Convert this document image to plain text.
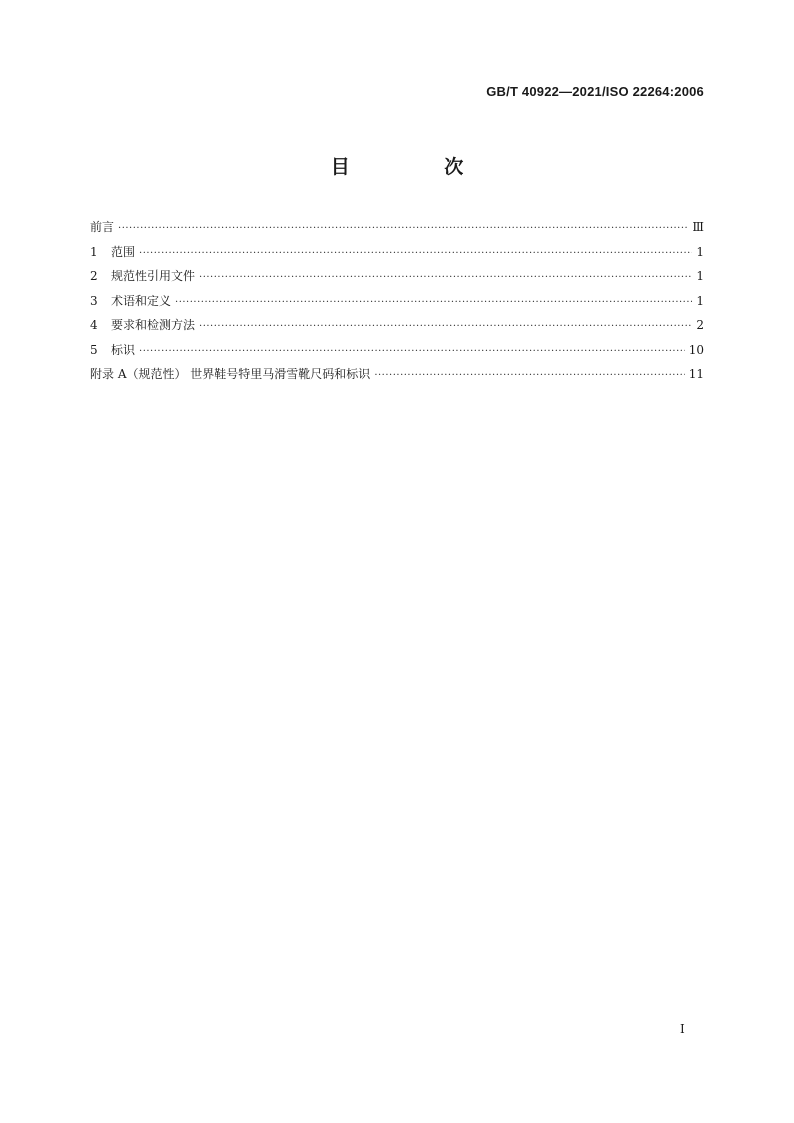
GB/T 40922—2021/ISO 22264:2006
目 次
前言 ·····	Ⅲ
1 范围 ·····	1
2 规范性引用文件 ·····	1
3 术语和定义 ·····	1
4 要求和检测方法 ·····	2
5 标识 ·····	10
附录 A（规范性） 世界鞋号特里马滑雪靴尺码和标识 ·····	11
I
